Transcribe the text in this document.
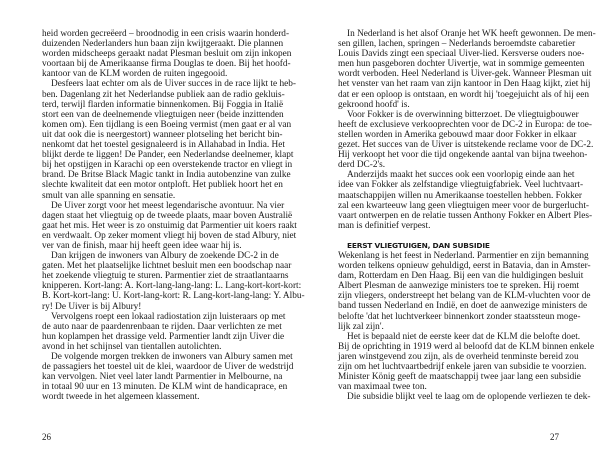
heid worden gecreëerd – broodnodig in een crisis waarin honderd-
duizenden Nederlanders hun baan zijn kwijtgeraakt. Die plannen
worden midscheeps geraakt nadat Plesman besluit om zijn inkopen
voortaan bij de Amerikaanse firma Douglas te doen. Bij het hoofd-
kantoor van de KLM worden de ruiten ingegooid.
Desfeers laat echter om als de Uiver succes in de race lijkt te heb-
ben. Dagenlang zit het Nederlandse publiek aan de radio gekluis-
terd, terwijl flarden informatie binnenkomen. Bij Foggia in Italië
stort een van de deelnemende vliegtuigen neer (beide inzittenden
komen om). Een tijdlang is een Boeing vermist (men gaat er al van
uit dat ook die is neergestort) wanneer plotseling het bericht bin-
nenkomt dat het toestel gesignaleerd is in Allahabad in India. Het
blijkt derde te liggen! De Pander, een Nederlandse deelnemer, klapt
bij het opstijgen in Karachi op een overstekende tractor en vliegt in
brand. De Britse Black Magic tankt in India autobenzine van zulke
slechte kwaliteit dat een motor ontploft. Het publiek hoort het en
smult van alle spanning en sensatie.
De Uiver zorgt voor het meest legendarische avontuur. Na vier
dagen staat het vliegtuig op de tweede plaats, maar boven Australië
gaat het mis. Het weer is zo onstuimig dat Parmentier uit koers raakt
en verdwaalt. Op zeker moment vliegt hij boven de stad Albury, niet
ver van de finish, maar hij heeft geen idee waar hij is.
Dan krijgen de inwoners van Albury de zoekende DC-2 in de
gaten. Met het plaatselijke lichtnet besluit men een boodschap naar
het zoekende vliegtuig te sturen. Parmentier ziet de straatlantaarns
knipperen. Kort-lang: A. Kort-lang-lang-lang: L. Lang-kort-kort-kort:
B. Kort-kort-lang: U. Kort-lang-kort: R. Lang-kort-lang-lang: Y. Albu-
ry! De Uiver is bij Albury!
Vervolgens roept een lokaal radiostation zijn luisteraars op met
de auto naar de paardenrenbaan te rijden. Daar verlichten ze met
hun koplampen het drassige veld. Parmentier landt zijn Uiver die
avond in het schijnsel van tientallen autolichten.
De volgende morgen trekken de inwoners van Albury samen met
de passagiers het toestel uit de klei, waardoor de Uiver de wedstrijd
kan vervolgen. Niet veel later landt Parmentier in Melbourne, na
in totaal 90 uur en 13 minuten. De KLM wint de handicaprace, en
wordt tweede in het algemeen klassement.
In Nederland is het alsof Oranje het WK heeft gewonnen. De men-
sen gillen, lachen, springen – Nederlands beroemdste cabaretier
Louis Davids zingt een speciaal Uiver-lied. Kersverse ouders noe-
men hun pasgeboren dochter Uivertje, wat in sommige gemeenten
wordt verboden. Heel Nederland is Uiver-gek. Wanneer Plesman uit
het venster van het raam van zijn kantoor in Den Haag kijkt, ziet hij
dat er een oploop is ontstaan, en wordt hij 'toegejuicht als of hij een
gekroond hoofd' is.
Voor Fokker is de overwinning bitterzoet. De vliegtuigbouwer
heeft de exclusieve verkooprechten voor de DC-2 in Europa: de toe-
stellen worden in Amerika gebouwd maar door Fokker in elkaar
gezet. Het succes van de Uiver is uitstekende reclame voor de DC-2.
Hij verkoopt het voor die tijd ongekende aantal van bijna tweehon-
derd DC-2's.
Anderzijds maakt het succes ook een voorlopig einde aan het
idee van Fokker als zelfstandige vliegtuigfabriek. Veel luchtvaart-
maatschappijen willen nu Amerikaanse toestellen hebben. Fokker
zal een kwarteeuw lang geen vliegtuigen meer voor de burgerlucht-
vaart ontwerpen en de relatie tussen Anthony Fokker en Albert Ples-
man is definitief verpest.
EERST VLIEGTUIGEN, DAN SUBSIDIE
Wekenlang is het feest in Nederland. Parmentier en zijn bemanning
worden telkens opnieuw gehuldigd, eerst in Batavia, dan in Amster-
dam, Rotterdam en Den Haag. Bij een van die huldigingen besluit
Albert Plesman de aanwezige ministers toe te spreken. Hij roemt
zijn vliegers, onderstreept het belang van de KLM-vluchten voor de
band tussen Nederland en Indië, en doet de aanwezige ministers de
belofte 'dat het luchtverkeer binnenkort zonder staatssteun moge-
lijk zal zijn'.
Het is bepaald niet de eerste keer dat de KLM die belofte doet.
Bij de oprichting in 1919 werd al beloofd dat de KLM binnen enkele
jaren winstgevend zou zijn, als de overheid tenminste bereid zou
zijn om het luchtvaartbedrijf enkele jaren van subsidie te voorzien.
Minister König geeft de maatschappij twee jaar lang een subsidie
van maximaal twee ton.
Die subsidie blijkt veel te laag om de oplopende verliezen te dek-
26	27
